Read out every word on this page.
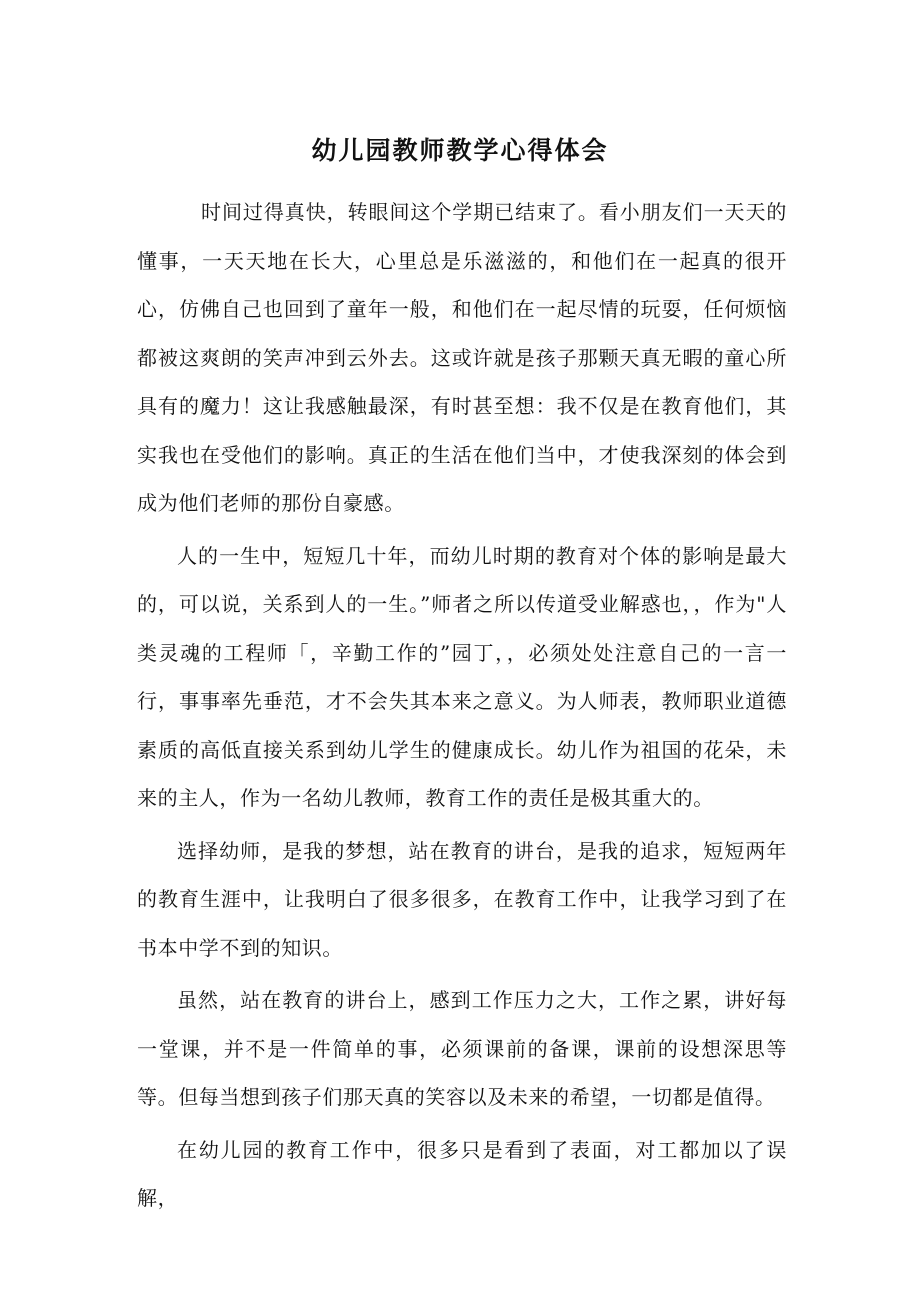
幼儿园教师教学心得体会

时间过得真快，转眼间这个学期已结束了。看小朋友们一天天的懂事，一天天地在长大，心里总是乐滋滋的，和他们在一起真的很开心，仿佛自己也回到了童年一般，和他们在一起尽情的玩耍，任何烦恼都被这爽朗的笑声冲到云外去。这或许就是孩子那颗天真无暇的童心所具有的魔力！这让我感触最深，有时甚至想：我不仅是在教育他们，其实我也在受他们的影响。真正的生活在他们当中，才使我深刻的体会到成为他们老师的那份自豪感。

人的一生中，短短几十年，而幼儿时期的教育对个体的影响是最大的，可以说，关系到人的一生。”师者之所以传道受业解惑也，，作为"人类灵魂的工程师「，辛勤工作的”园丁，，必须处处注意自己的一言一行，事事率先垂范，才不会失其本来之意义。为人师表，教师职业道德素质的高低直接关系到幼儿学生的健康成长。幼儿作为祖国的花朵，未来的主人，作为一名幼儿教师，教育工作的责任是极其重大的。

选择幼师，是我的梦想，站在教育的讲台，是我的追求，短短两年的教育生涯中，让我明白了很多很多，在教育工作中，让我学习到了在书本中学不到的知识。

虽然，站在教育的讲台上，感到工作压力之大，工作之累，讲好每一堂课，并不是一件简单的事，必须课前的备课，课前的设想深思等等。但每当想到孩子们那天真的笑容以及未来的希望，一切都是值得。

在幼儿园的教育工作中，很多只是看到了表面，对工都加以了误解，
